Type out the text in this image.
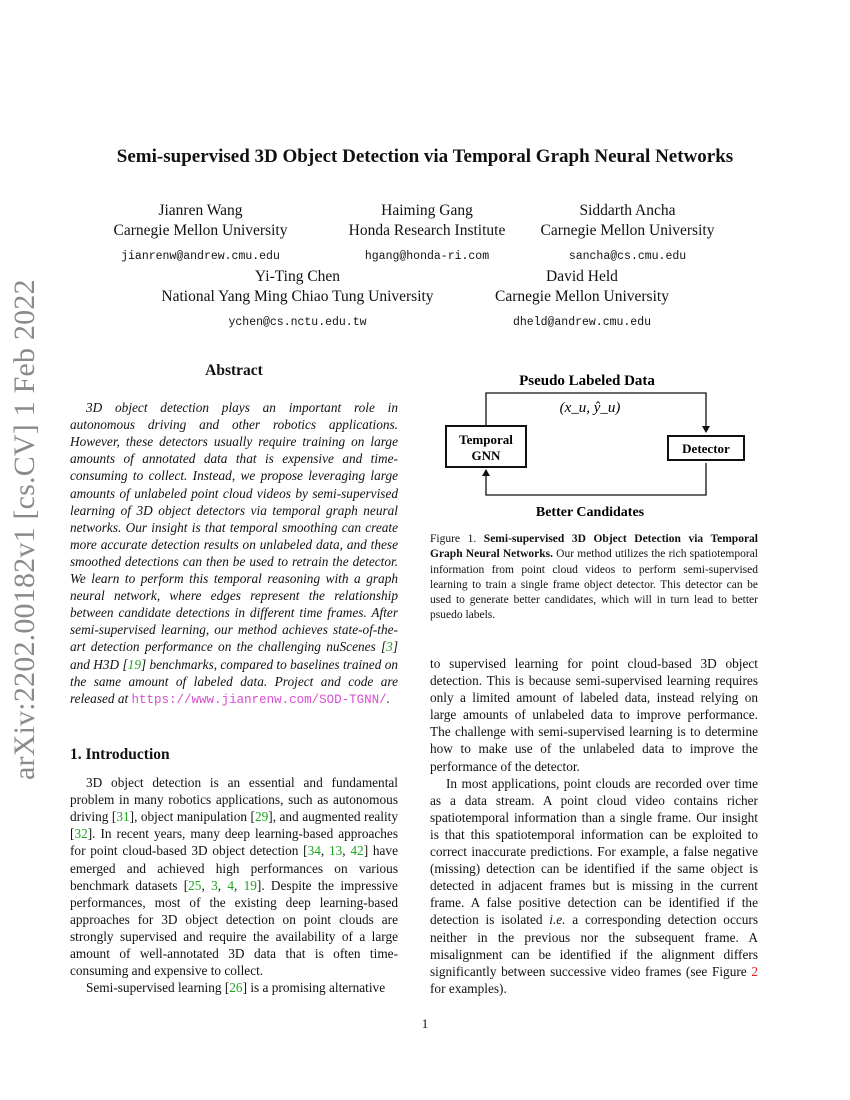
arXiv:2202.00182v1 [cs.CV] 1 Feb 2022
Semi-supervised 3D Object Detection via Temporal Graph Neural Networks
Jianren Wang
Carnegie Mellon University
jianrenw@andrew.cmu.edu
Haiming Gang
Honda Research Institute
hgang@honda-ri.com
Siddarth Ancha
Carnegie Mellon University
sancha@cs.cmu.edu
Yi-Ting Chen
National Yang Ming Chiao Tung University
ychen@cs.nctu.edu.tw
David Held
Carnegie Mellon University
dheld@andrew.cmu.edu
Abstract

3D object detection plays an important role in autonomous driving and other robotics applications. However, these detectors usually require training on large amounts of annotated data that is expensive and time-consuming to collect. Instead, we propose leveraging large amounts of unlabeled point cloud videos by semi-supervised learning of 3D object detectors via temporal graph neural networks. Our insight is that temporal smoothing can create more accurate detection results on unlabeled data, and these smoothed detections can then be used to retrain the detector. We learn to perform this temporal reasoning with a graph neural network, where edges represent the relationship between candidate detections in different time frames. After semi-supervised learning, our method achieves state-of-the-art detection performance on the challenging nuScenes [3] and H3D [19] benchmarks, compared to baselines trained on the same amount of labeled data. Project and code are released at https://www.jianrenw.com/SOD-TGNN/.

1. Introduction

3D object detection is an essential and fundamental problem in many robotics applications, such as autonomous driving [31], object manipulation [29], and augmented reality [32]. In recent years, many deep learning-based approaches for point cloud-based 3D object detection [34, 13, 42] have emerged and achieved high performances on various benchmark datasets [25, 3, 4, 19]. Despite the impressive performances, most of the existing deep learning-based approaches for 3D object detection on point clouds are strongly supervised and require the availability of a large amount of well-annotated 3D data that is often time-consuming and expensive to collect.

Semi-supervised learning [26] is a promising alternative

Pseudo Labeled Data
(x_u, ŷ_u)
Temporal
GNN	Detector
Better Candidates
Figure 1. Semi-supervised 3D Object Detection via Temporal Graph Neural Networks. Our method utilizes the rich spatiotemporal information from point cloud videos to perform semi-supervised learning to train a single frame object detector. This detector can be used to generate better candidates, which will in turn lead to better psuedo labels.

to supervised learning for point cloud-based 3D object detection. This is because semi-supervised learning requires only a limited amount of labeled data, instead relying on large amounts of unlabeled data to improve performance. The challenge with semi-supervised learning is to determine how to make use of the unlabeled data to improve the performance of the detector.

In most applications, point clouds are recorded over time as a data stream. A point cloud video contains richer spatiotemporal information than a single frame. Our insight is that this spatiotemporal information can be exploited to correct inaccurate predictions. For example, a false negative (missing) detection can be identified if the same object is detected in adjacent frames but is missing in the current frame. A false positive detection can be identified if the detection is isolated i.e. a corresponding detection occurs neither in the previous nor the subsequent frame. A misalignment can be identified if the alignment differs significantly between successive video frames (see Figure 2 for examples).

1
